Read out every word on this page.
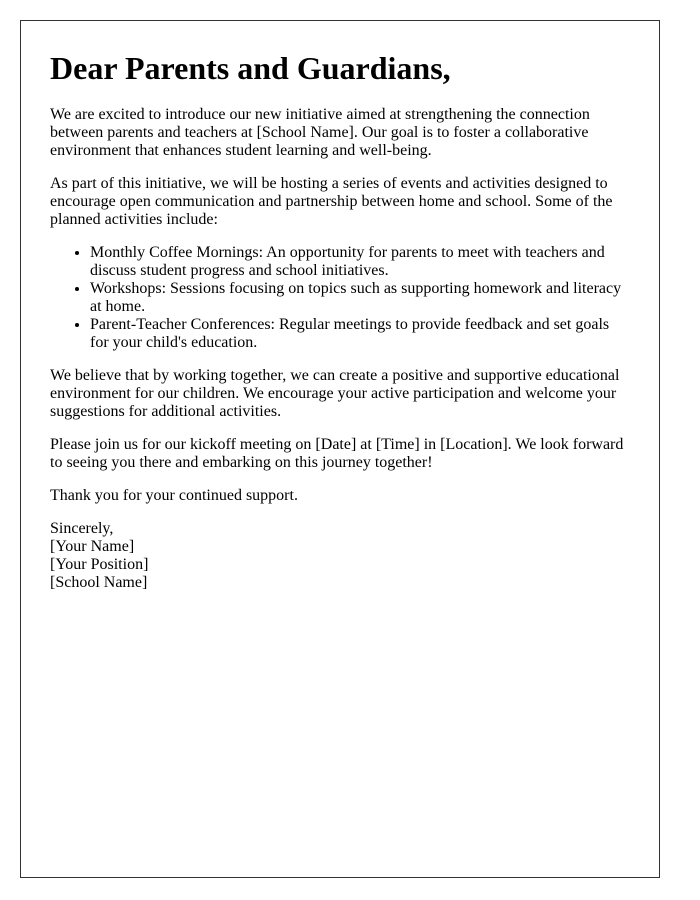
Dear Parents and Guardians,

We are excited to introduce our new initiative aimed at strengthening the connection between parents and teachers at [School Name]. Our goal is to foster a collaborative environment that enhances student learning and well-being.

As part of this initiative, we will be hosting a series of events and activities designed to encourage open communication and partnership between home and school. Some of the planned activities include:

• Monthly Coffee Mornings: An opportunity for parents to meet with teachers and discuss student progress and school initiatives.
• Workshops: Sessions focusing on topics such as supporting homework and literacy at home.
• Parent-Teacher Conferences: Regular meetings to provide feedback and set goals for your child's education.

We believe that by working together, we can create a positive and supportive educational environment for our children. We encourage your active participation and welcome your suggestions for additional activities.

Please join us for our kickoff meeting on [Date] at [Time] in [Location]. We look forward to seeing you there and embarking on this journey together!

Thank you for your continued support.

Sincerely,
[Your Name]
[Your Position]
[School Name]
